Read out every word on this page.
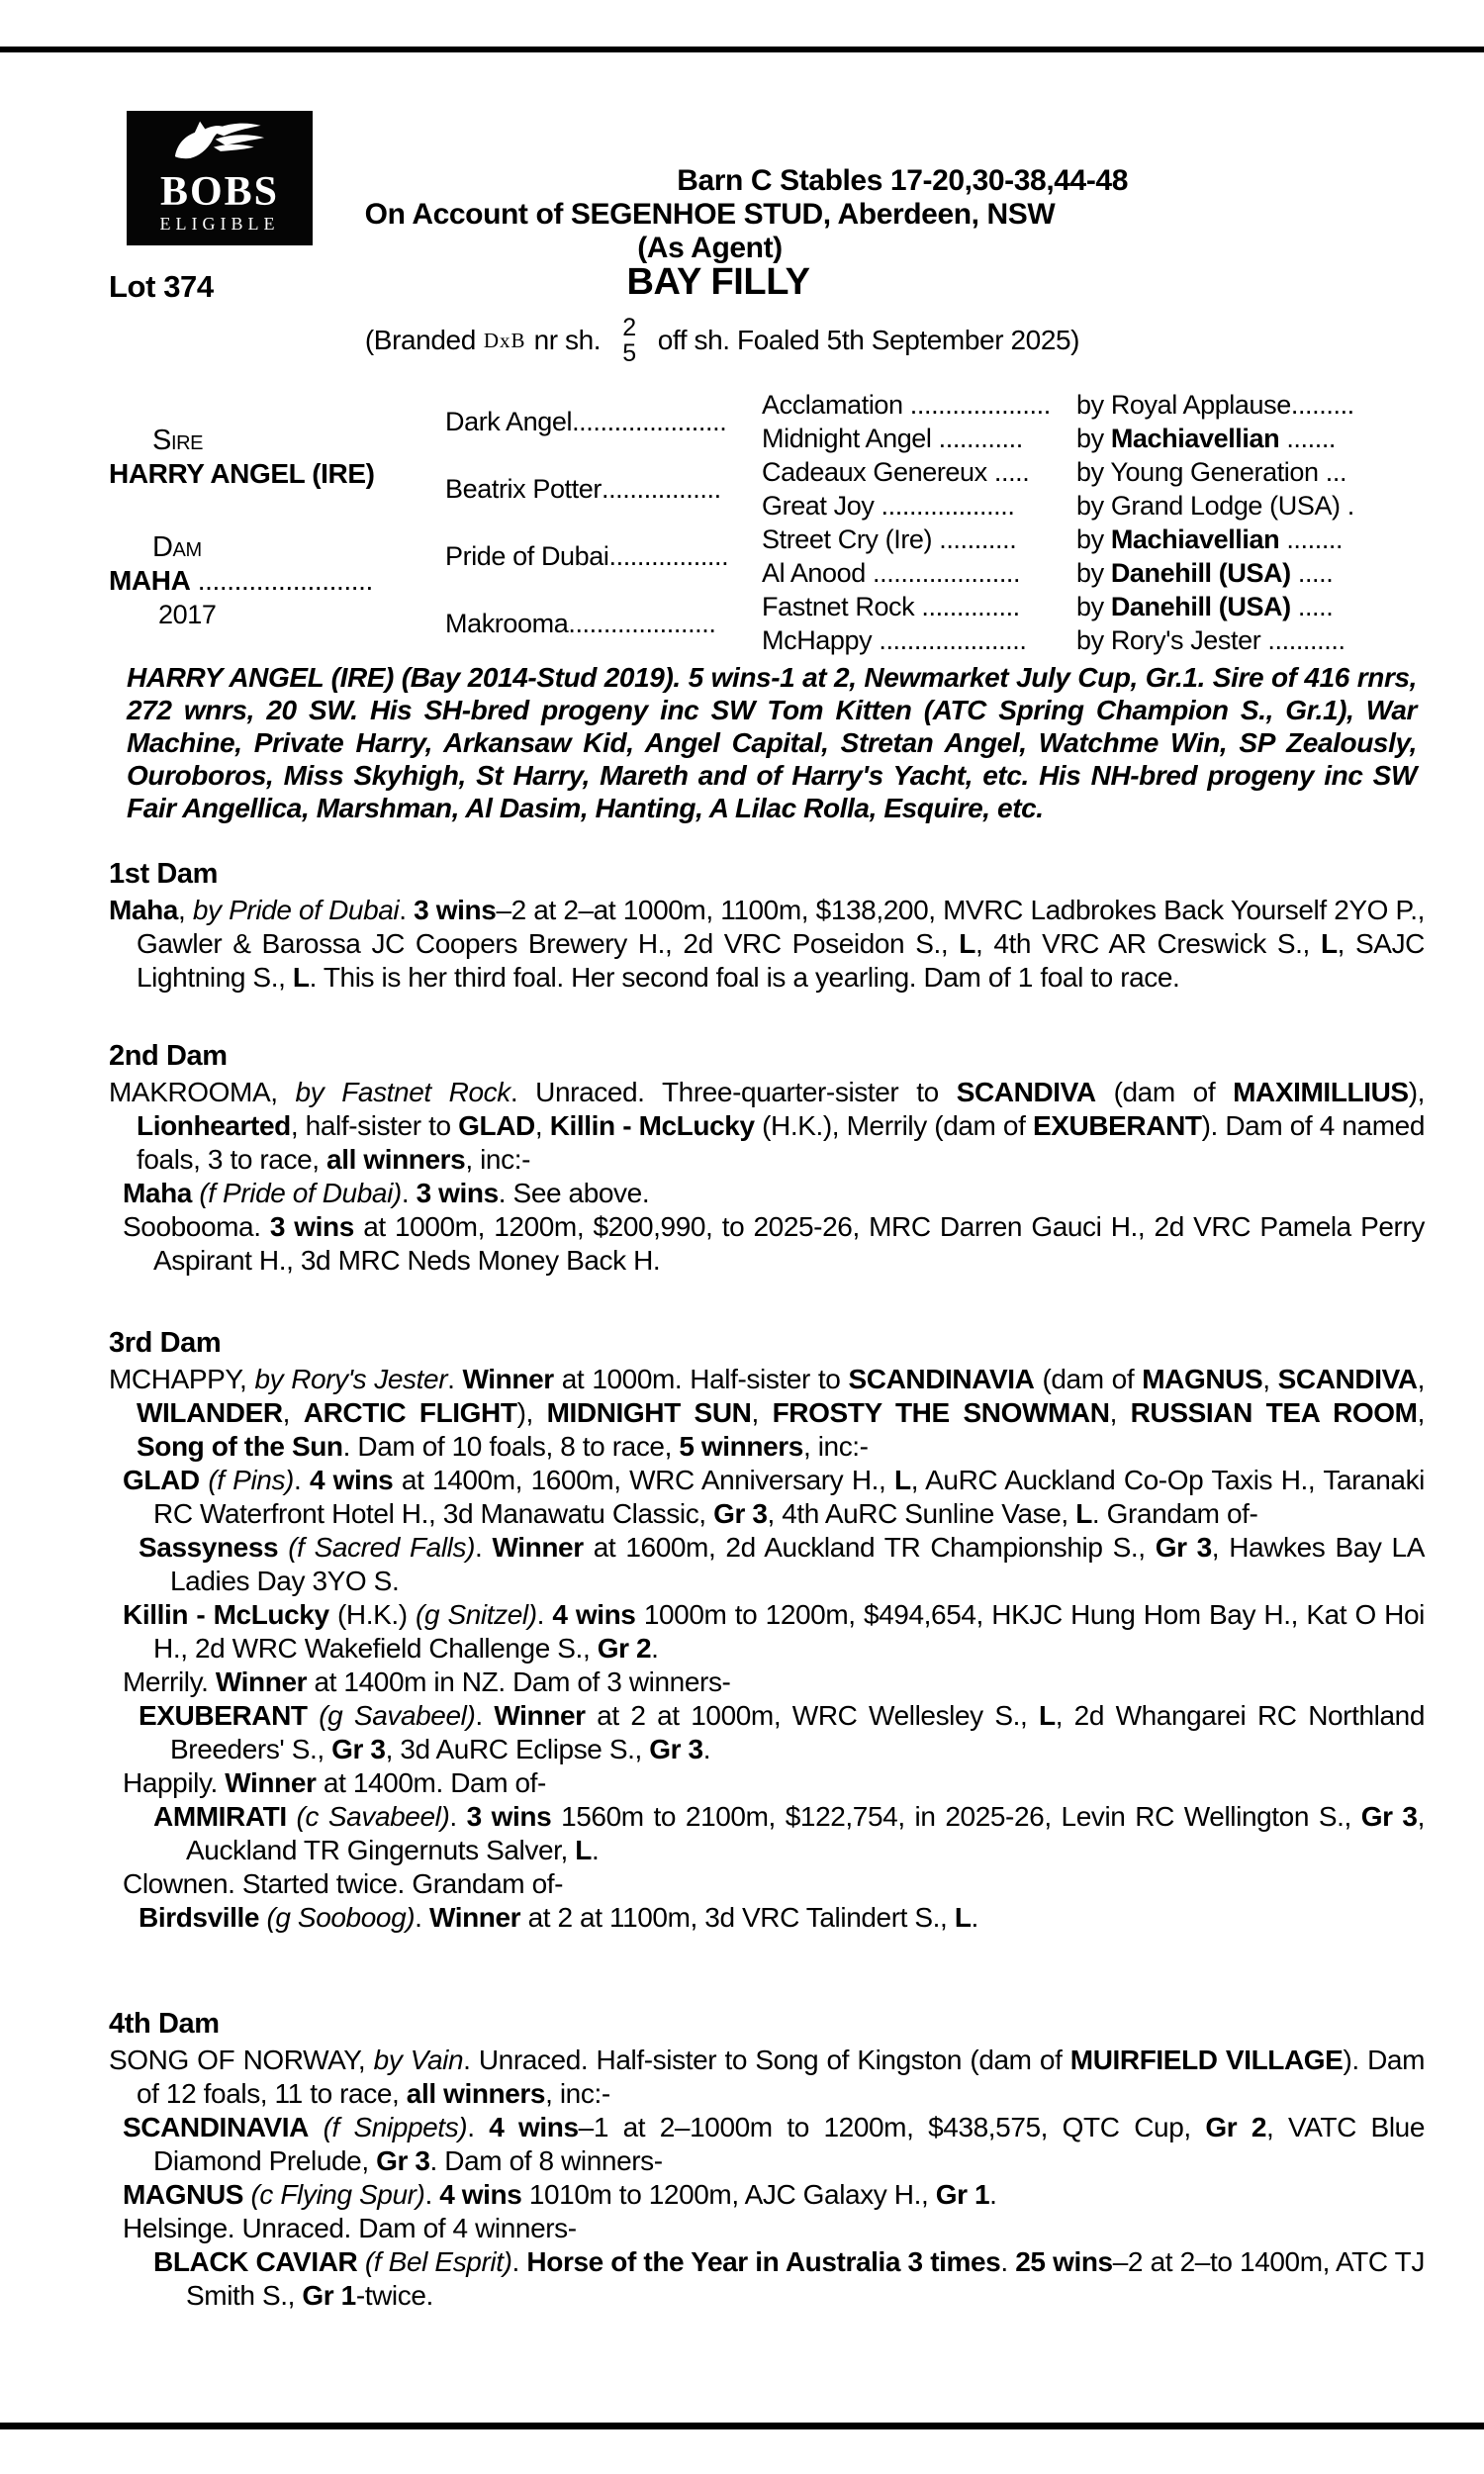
BOBS
ELIGIBLE
Barn C Stables 17-20,30-38,44-48
On Account of SEGENHOE STUD, Aberdeen, NSW
(As Agent)
Lot 374	BAY FILLY
(Branded DxB nr sh. 2
5 off sh. Foaled 5th September 2025)
Sire
HARRY ANGEL (IRE)
Dam
MAHA ........................
2017
Dark Angel ......................
Beatrix Potter .................
Pride of Dubai .................
Makrooma .....................
Acclamation .................... by Royal Applause.........
Midnight Angel ............	by Machiavellian .......
Cadeaux Genereux .....	by Young Generation ...
Great Joy ...................	by Grand Lodge (USA) .
Street Cry (Ire) ...........	by Machiavellian ........
Al Anood .....................	by Danehill (USA) .....
Fastnet Rock ..............	by Danehill (USA) .....
McHappy .....................	by Rory's Jester ...........
HARRY ANGEL (IRE) (Bay 2014-Stud 2019). 5 wins-1 at 2, Newmarket July Cup, Gr.1. Sire of 416 rnrs, 272 wnrs, 20 SW. His SH-bred progeny inc SW Tom Kitten (ATC Spring Champion S., Gr.1), War Machine, Private Harry, Arkansaw Kid, Angel Capital, Stretan Angel, Watchme Win, SP Zealously, Ouroboros, Miss Skyhigh, St Harry, Mareth and of Harry's Yacht, etc. His NH-bred progeny inc SW Fair Angellica, Marshman, Al Dasim, Hanting, A Lilac Rolla, Esquire, etc.
1st Dam
Maha, by Pride of Dubai. 3 wins–2 at 2–at 1000m, 1100m, $138,200, MVRC Ladbrokes Back Yourself 2YO P., Gawler & Barossa JC Coopers Brewery H., 2d VRC Poseidon S., L, 4th VRC AR Creswick S., L, SAJC Lightning S., L. This is her third foal. Her second foal is a yearling. Dam of 1 foal to race.
2nd Dam
MAKROOMA, by Fastnet Rock. Unraced. Three-quarter-sister to SCANDIVA (dam of MAXIMILLIUS), Lionhearted, half-sister to GLAD, Killin - McLucky (H.K.), Merrily (dam of EXUBERANT). Dam of 4 named foals, 3 to race, all winners, inc:-
Maha (f Pride of Dubai). 3 wins. See above.
Soobooma. 3 wins at 1000m, 1200m, $200,990, to 2025-26, MRC Darren Gauci H., 2d VRC Pamela Perry Aspirant H., 3d MRC Neds Money Back H.
3rd Dam
MCHAPPY, by Rory's Jester. Winner at 1000m. Half-sister to SCANDINAVIA (dam of MAGNUS, SCANDIVA, WILANDER, ARCTIC FLIGHT), MIDNIGHT SUN, FROSTY THE SNOWMAN, RUSSIAN TEA ROOM, Song of the Sun. Dam of 10 foals, 8 to race, 5 winners, inc:-
GLAD (f Pins). 4 wins at 1400m, 1600m, WRC Anniversary H., L, AuRC Auckland Co-Op Taxis H., Taranaki RC Waterfront Hotel H., 3d Manawatu Classic, Gr 3, 4th AuRC Sunline Vase, L. Grandam of-
Sassyness (f Sacred Falls). Winner at 1600m, 2d Auckland TR Championship S., Gr 3, Hawkes Bay LA Ladies Day 3YO S.
Killin - McLucky (H.K.) (g Snitzel). 4 wins 1000m to 1200m, $494,654, HKJC Hung Hom Bay H., Kat O Hoi H., 2d WRC Wakefield Challenge S., Gr 2.
Merrily. Winner at 1400m in NZ. Dam of 3 winners-
EXUBERANT (g Savabeel). Winner at 2 at 1000m, WRC Wellesley S., L, 2d Whangarei RC Northland Breeders' S., Gr 3, 3d AuRC Eclipse S., Gr 3.
Happily. Winner at 1400m. Dam of-
AMMIRATI (c Savabeel). 3 wins 1560m to 2100m, $122,754, in 2025-26, Levin RC Wellington S., Gr 3, Auckland TR Gingernuts Salver, L.
Clownen. Started twice. Grandam of-
Birdsville (g Sooboog). Winner at 2 at 1100m, 3d VRC Talindert S., L.
4th Dam
SONG OF NORWAY, by Vain. Unraced. Half-sister to Song of Kingston (dam of MUIRFIELD VILLAGE). Dam of 12 foals, 11 to race, all winners, inc:-
SCANDINAVIA (f Snippets). 4 wins–1 at 2–1000m to 1200m, $438,575, QTC Cup, Gr 2, VATC Blue Diamond Prelude, Gr 3. Dam of 8 winners-
MAGNUS (c Flying Spur). 4 wins 1010m to 1200m, AJC Galaxy H., Gr 1.
Helsinge. Unraced. Dam of 4 winners-
BLACK CAVIAR (f Bel Esprit). Horse of the Year in Australia 3 times. 25 wins–2 at 2–to 1400m, ATC TJ Smith S., Gr 1-twice.
